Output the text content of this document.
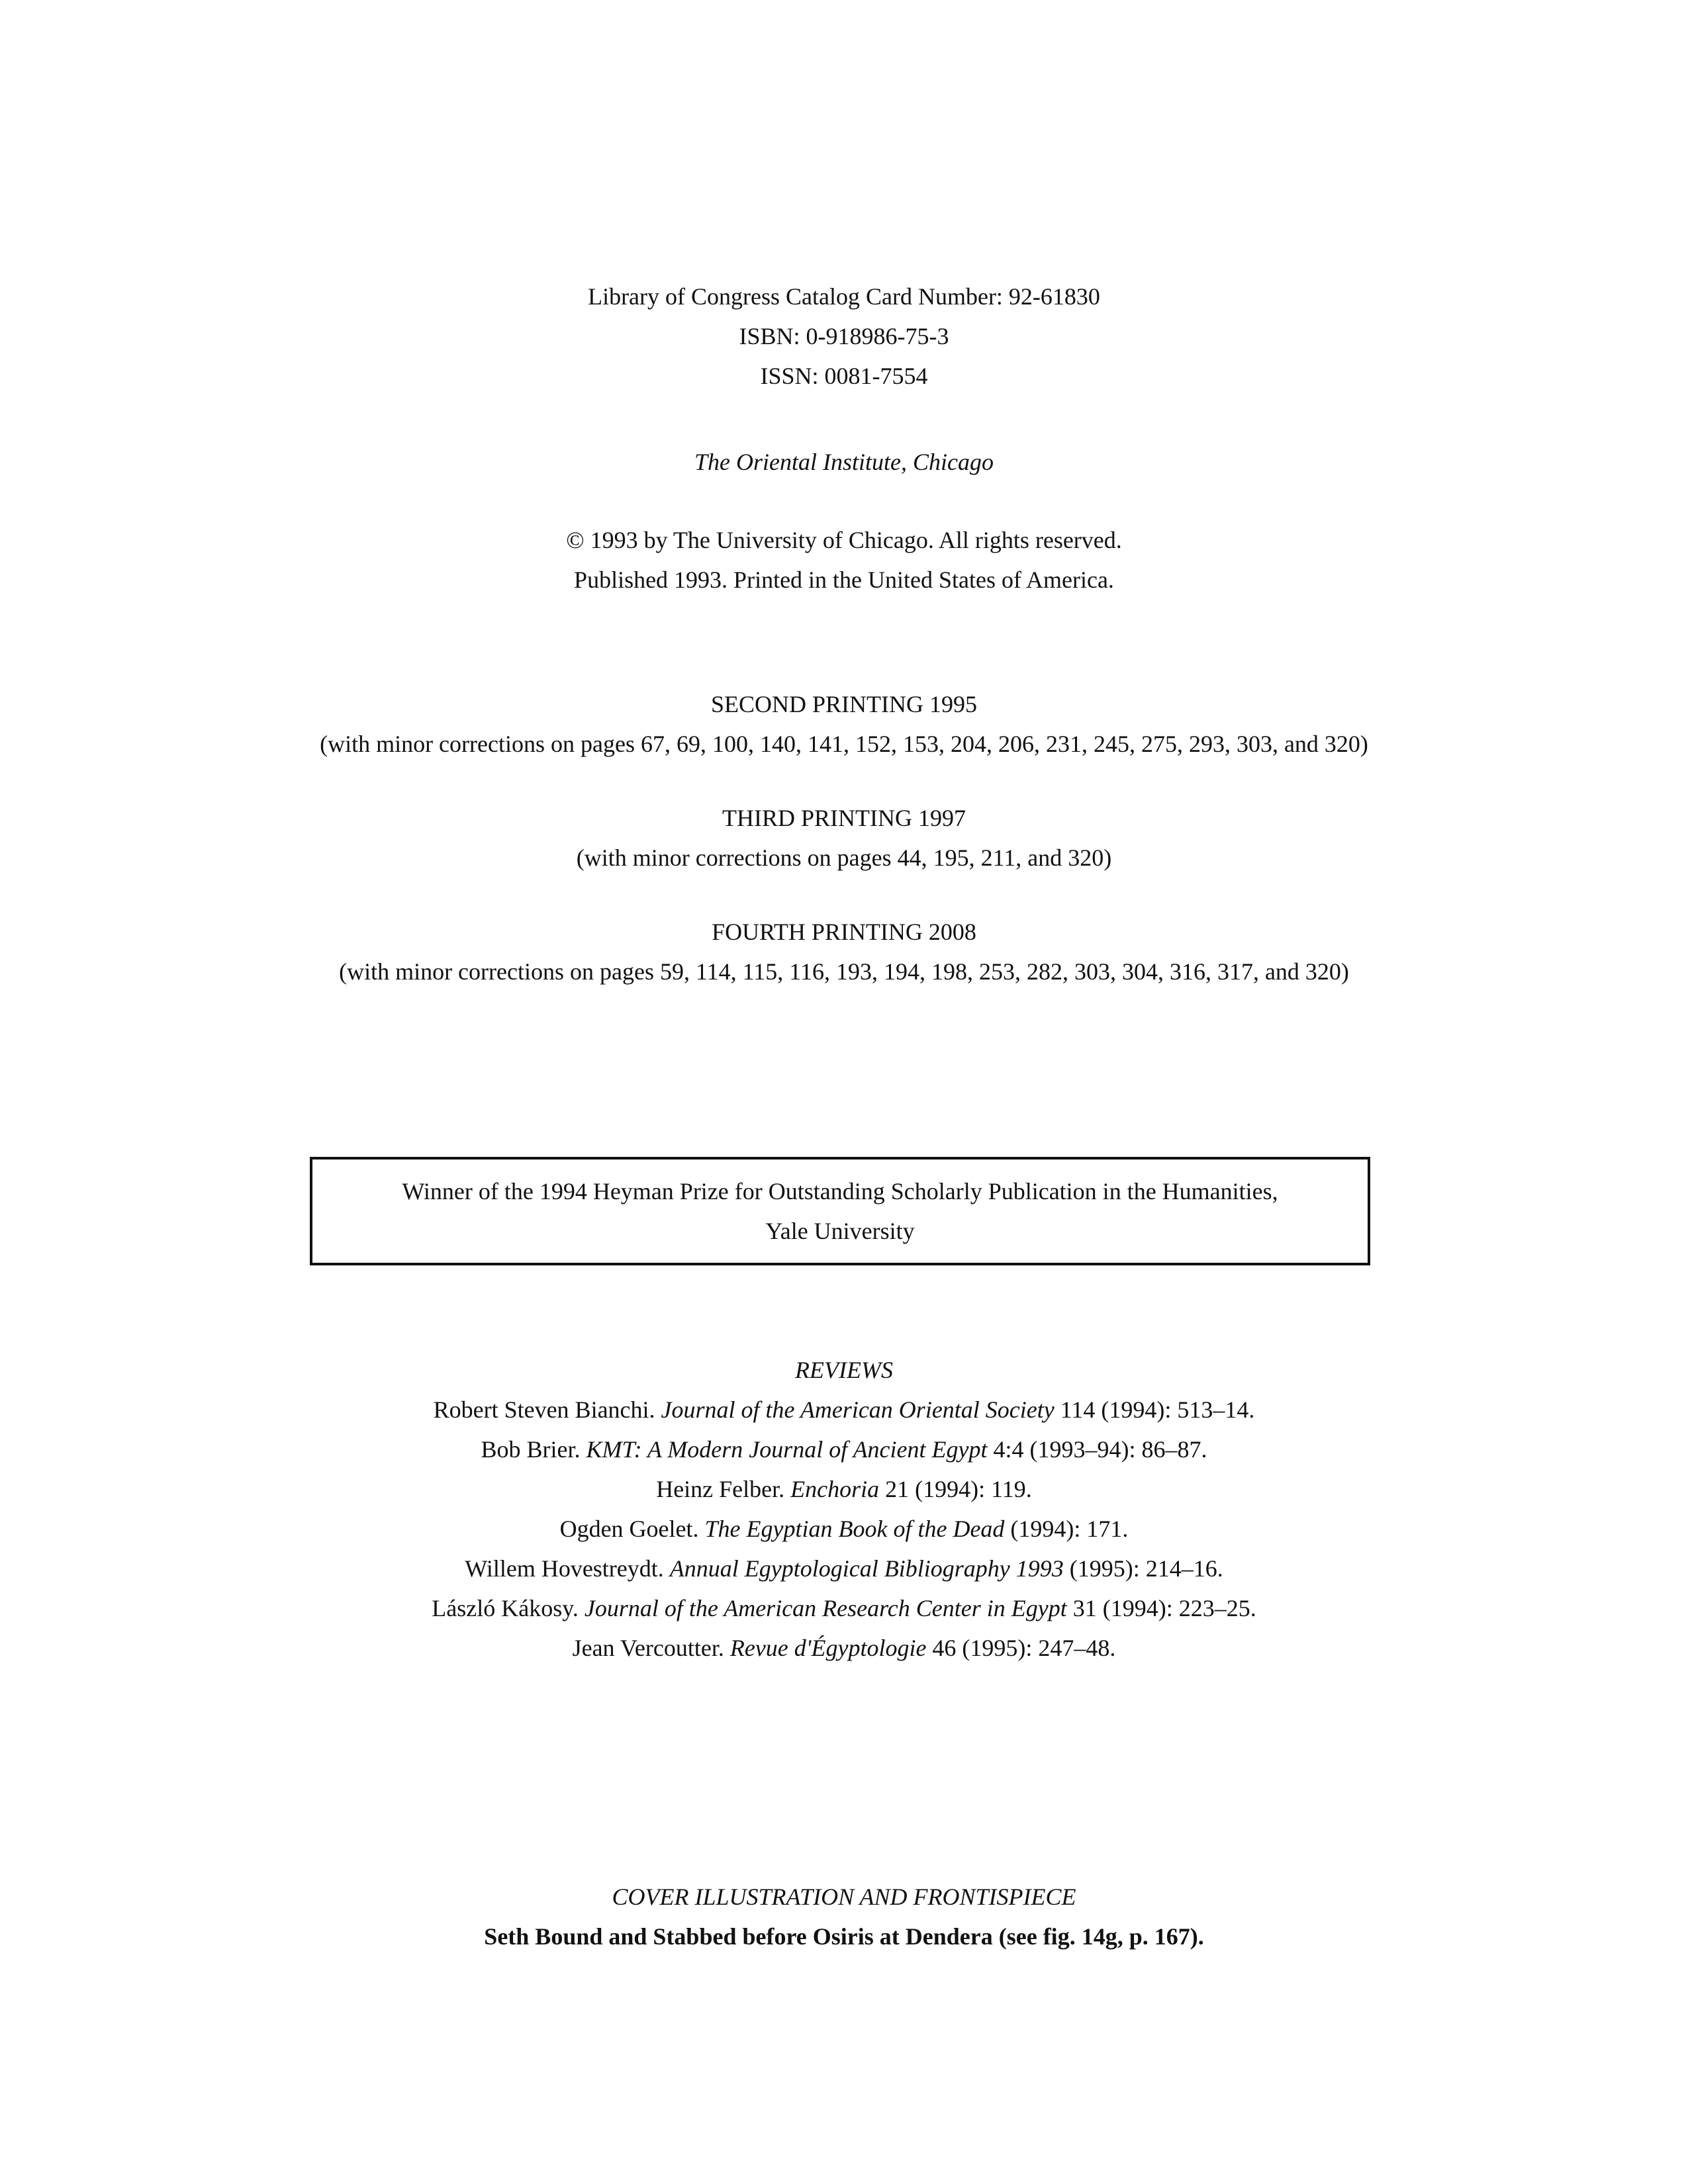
Library of Congress Catalog Card Number: 92-61830
ISBN: 0-918986-75-3
ISSN: 0081-7554
The Oriental Institute, Chicago
© 1993 by The University of Chicago. All rights reserved.
Published 1993. Printed in the United States of America.
SECOND PRINTING 1995
(with minor corrections on pages 67, 69, 100, 140, 141, 152, 153, 204, 206, 231, 245, 275, 293, 303, and 320)
THIRD PRINTING 1997
(with minor corrections on pages 44, 195, 211, and 320)
FOURTH PRINTING 2008
(with minor corrections on pages 59, 114, 115, 116, 193, 194, 198, 253, 282, 303, 304, 316, 317, and 320)
Winner of the 1994 Heyman Prize for Outstanding Scholarly Publication in the Humanities,
Yale University
REVIEWS
Robert Steven Bianchi. Journal of the American Oriental Society 114 (1994): 513–14.
Bob Brier. KMT: A Modern Journal of Ancient Egypt 4:4 (1993–94): 86–87.
Heinz Felber. Enchoria 21 (1994): 119.
Ogden Goelet. The Egyptian Book of the Dead (1994): 171.
Willem Hovestreydt. Annual Egyptological Bibliography 1993 (1995): 214–16.
László Kákosy. Journal of the American Research Center in Egypt 31 (1994): 223–25.
Jean Vercoutter. Revue d'Égyptologie 46 (1995): 247–48.
COVER ILLUSTRATION AND FRONTISPIECE
Seth Bound and Stabbed before Osiris at Dendera (see fig. 14g, p. 167).
